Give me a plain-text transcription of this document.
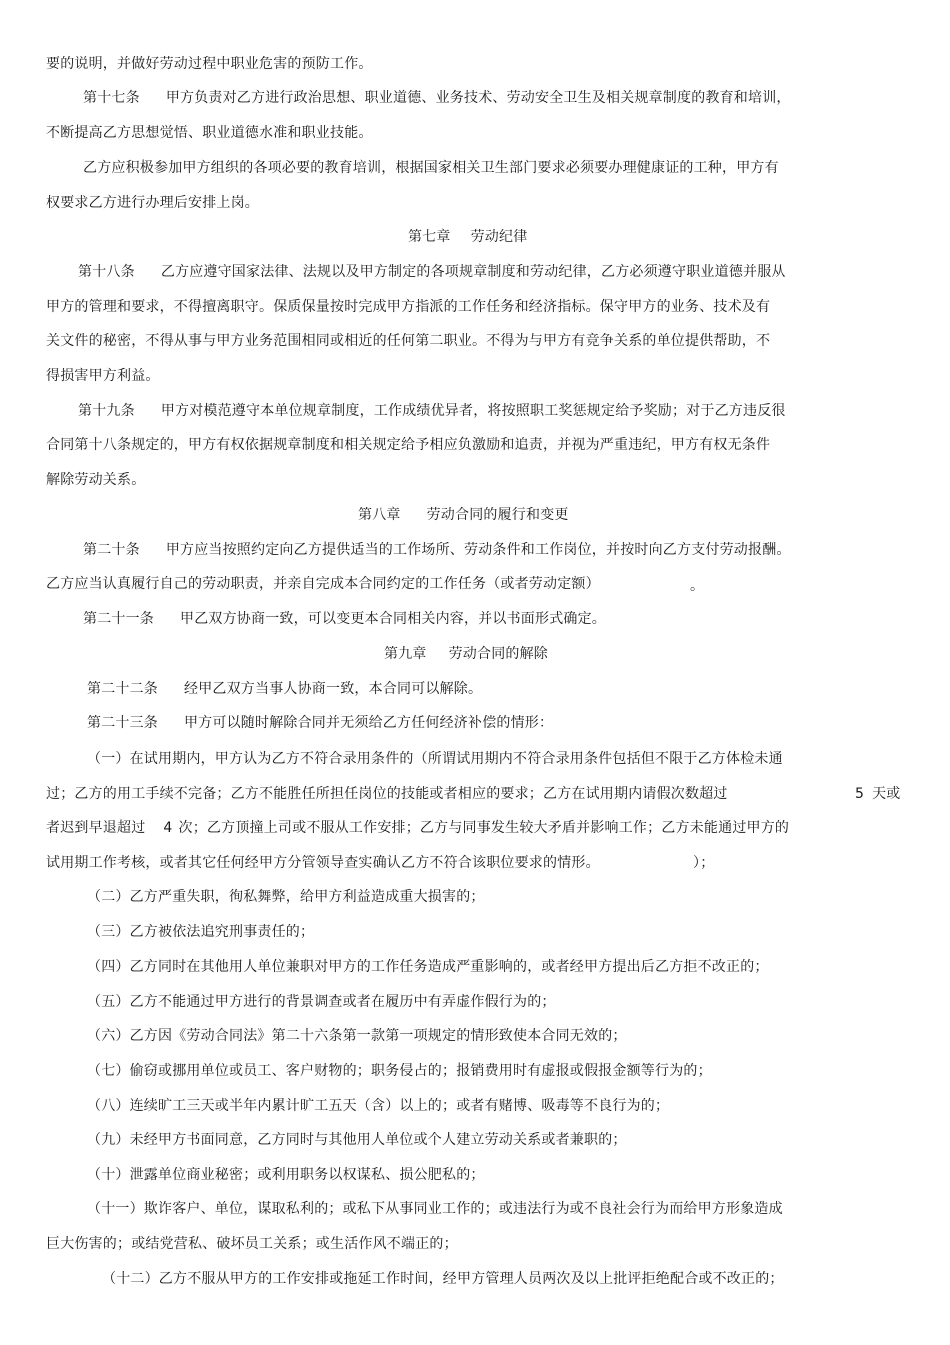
要的说明，并做好劳动过程中职业危害的预防工作。
第十七条 甲方负责对乙方进行政治思想、职业道德、业务技术、劳动安全卫生及相关规章制度的教育和培训，
不断提高乙方思想觉悟、职业道德水准和职业技能。
乙方应积极参加甲方组织的各项必要的教育培训，根据国家相关卫生部门要求必须要办理健康证的工种，甲方有
权要求乙方进行办理后安排上岗。
第七章 劳动纪律
第十八条 乙方应遵守国家法律、法规以及甲方制定的各项规章制度和劳动纪律，乙方必须遵守职业道德并服从
甲方的管理和要求，不得擅离职守。保质保量按时完成甲方指派的工作任务和经济指标。保守甲方的业务、技术及有
关文件的秘密，不得从事与甲方业务范围相同或相近的任何第二职业。不得为与甲方有竞争关系的单位提供帮助，不
得损害甲方利益。
第十九条 甲方对模范遵守本单位规章制度，工作成绩优异者，将按照职工奖惩规定给予奖励；对于乙方违反很
合同第十八条规定的，甲方有权依据规章制度和相关规定给予相应负激励和追责，并视为严重违纪，甲方有权无条件
解除劳动关系。
第八章 劳动合同的履行和变更
第二十条 甲方应当按照约定向乙方提供适当的工作场所、劳动条件和工作岗位，并按时向乙方支付劳动报酬。
乙方应当认真履行自己的劳动职责，并亲自完成本合同约定的工作任务（或者劳动定额）	。
第二十一条 甲乙双方协商一致，可以变更本合同相关内容，并以书面形式确定。
第九章 劳动合同的解除
第二十二条 经甲乙双方当事人协商一致，本合同可以解除。
第二十三条 甲方可以随时解除合同并无须给乙方任何经济补偿的情形：
（一）在试用期内，甲方认为乙方不符合录用条件的（所谓试用期内不符合录用条件包括但不限于乙方体检未通
过；乙方的用工手续不完备；乙方不能胜任所担任岗位的技能或者相应的要求；乙方在试用期内请假次数超过	5 天或
者迟到早退超过 4 次；乙方顶撞上司或不服从工作安排；乙方与同事发生较大矛盾并影响工作；乙方未能通过甲方的
试用期工作考核，或者其它任何经甲方分管领导查实确认乙方不符合该职位要求的情形。	）；
（二）乙方严重失职，徇私舞弊，给甲方利益造成重大损害的；
（三）乙方被依法追究刑事责任的；
（四）乙方同时在其他用人单位兼职对甲方的工作任务造成严重影响的，或者经甲方提出后乙方拒不改正的；
（五）乙方不能通过甲方进行的背景调查或者在履历中有弄虚作假行为的；
（六）乙方因《劳动合同法》第二十六条第一款第一项规定的情形致使本合同无效的；
（七）偷窃或挪用单位或员工、客户财物的；职务侵占的；报销费用时有虚报或假报金额等行为的；
（八）连续旷工三天或半年内累计旷工五天（含）以上的；或者有赌博、吸毒等不良行为的；
（九）未经甲方书面同意，乙方同时与其他用人单位或个人建立劳动关系或者兼职的；
（十）泄露单位商业秘密；或利用职务以权谋私、损公肥私的；
（十一）欺诈客户、单位，谋取私利的；或私下从事同业工作的；或违法行为或不良社会行为而给甲方形象造成
巨大伤害的；或结党营私、破坏员工关系；或生活作风不端正的；
（十二）乙方不服从甲方的工作安排或拖延工作时间，经甲方管理人员两次及以上批评拒绝配合或不改正的；
